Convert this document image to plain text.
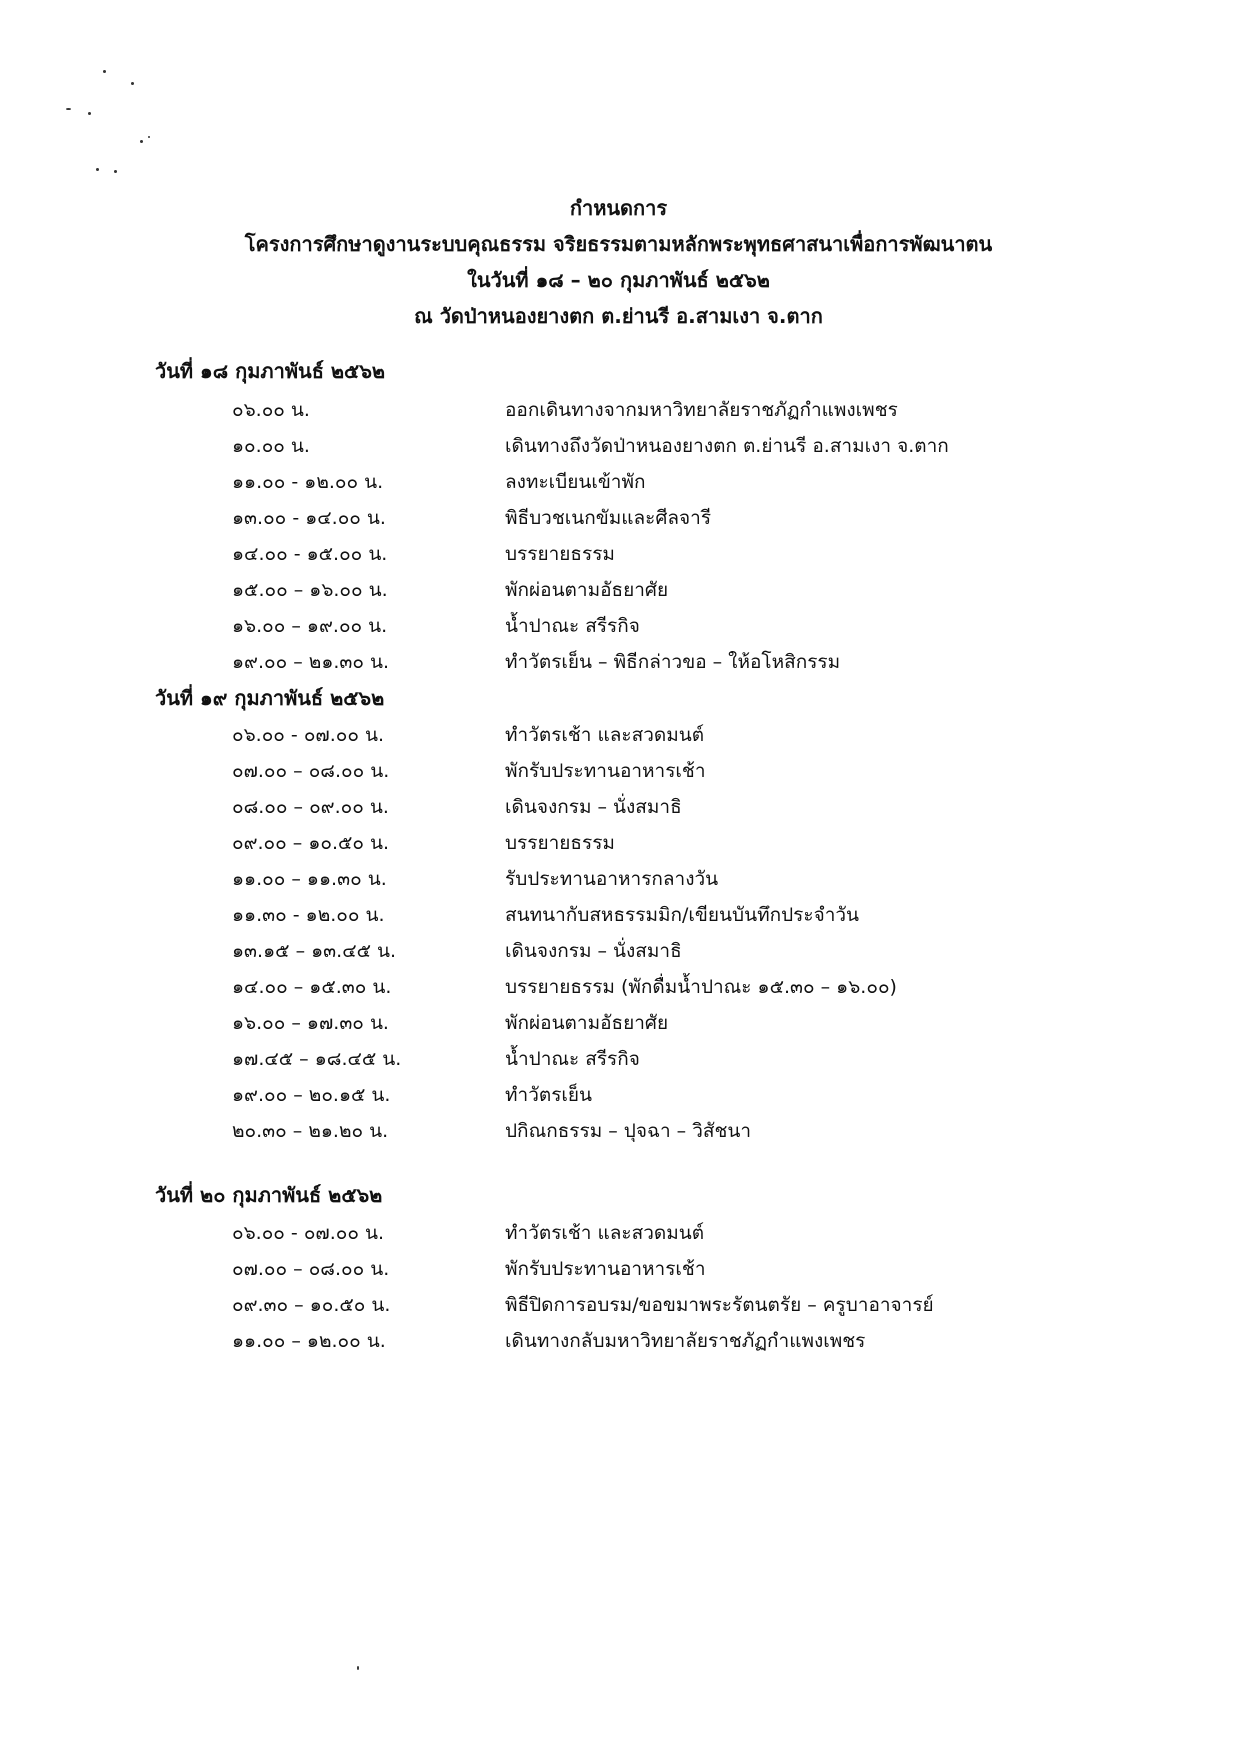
กำหนดการ
โครงการศึกษาดูงานระบบคุณธรรม จริยธรรมตามหลักพระพุทธศาสนาเพื่อการพัฒนาตน
ในวันที่ ๑๘ – ๒๐ กุมภาพันธ์ ๒๕๖๒
ณ วัดป่าหนองยางตก ต.ย่านรี อ.สามเงา จ.ตาก
วันที่ ๑๘ กุมภาพันธ์ ๒๕๖๒
๐๖.๐๐ น.	ออกเดินทางจากมหาวิทยาลัยราชภัฏกำแพงเพชร
๑๐.๐๐ น.	เดินทางถึงวัดป่าหนองยางตก ต.ย่านรี อ.สามเงา จ.ตาก
๑๑.๐๐ - ๑๒.๐๐ น.	ลงทะเบียนเข้าพัก
๑๓.๐๐ - ๑๔.๐๐ น.	พิธีบวชเนกขัมและศีลจารี
๑๔.๐๐ - ๑๕.๐๐ น.	บรรยายธรรม
๑๕.๐๐ – ๑๖.๐๐ น.	พักผ่อนตามอัธยาศัย
๑๖.๐๐ – ๑๙.๐๐ น.	น้ำปาณะ สรีรกิจ
๑๙.๐๐ – ๒๑.๓๐ น.	ทำวัตรเย็น – พิธีกล่าวขอ – ให้อโหสิกรรม
วันที่ ๑๙ กุมภาพันธ์ ๒๕๖๒
๐๖.๐๐ - ๐๗.๐๐ น.	ทำวัตรเช้า และสวดมนต์
๐๗.๐๐ – ๐๘.๐๐ น.	พักรับประทานอาหารเช้า
๐๘.๐๐ – ๐๙.๐๐ น.	เดินจงกรม – นั่งสมาธิ
๐๙.๐๐ – ๑๐.๕๐ น.	บรรยายธรรม
๑๑.๐๐ – ๑๑.๓๐ น.	รับประทานอาหารกลางวัน
๑๑.๓๐ - ๑๒.๐๐ น.	สนทนากับสหธรรมมิก/เขียนบันทึกประจำวัน
๑๓.๑๕ – ๑๓.๔๕ น.	เดินจงกรม – นั่งสมาธิ
๑๔.๐๐ – ๑๕.๓๐ น.	บรรยายธรรม (พักดื่มน้ำปาณะ ๑๕.๓๐ – ๑๖.๐๐)
๑๖.๐๐ – ๑๗.๓๐ น.	พักผ่อนตามอัธยาศัย
๑๗.๔๕ – ๑๘.๔๕ น.	น้ำปาณะ สรีรกิจ
๑๙.๐๐ – ๒๐.๑๕ น.	ทำวัตรเย็น
๒๐.๓๐ – ๒๑.๒๐ น.	ปกิณกธรรม – ปุจฉา – วิสัชนา
วันที่ ๒๐ กุมภาพันธ์ ๒๕๖๒
๐๖.๐๐ - ๐๗.๐๐ น.	ทำวัตรเช้า และสวดมนต์
๐๗.๐๐ – ๐๘.๐๐ น.	พักรับประทานอาหารเช้า
๐๙.๓๐ – ๑๐.๕๐ น.	พิธีปิดการอบรม/ขอขมาพระรัตนตรัย – ครูบาอาจารย์
๑๑.๐๐ – ๑๒.๐๐ น.	เดินทางกลับมหาวิทยาลัยราชภัฏกำแพงเพชร
